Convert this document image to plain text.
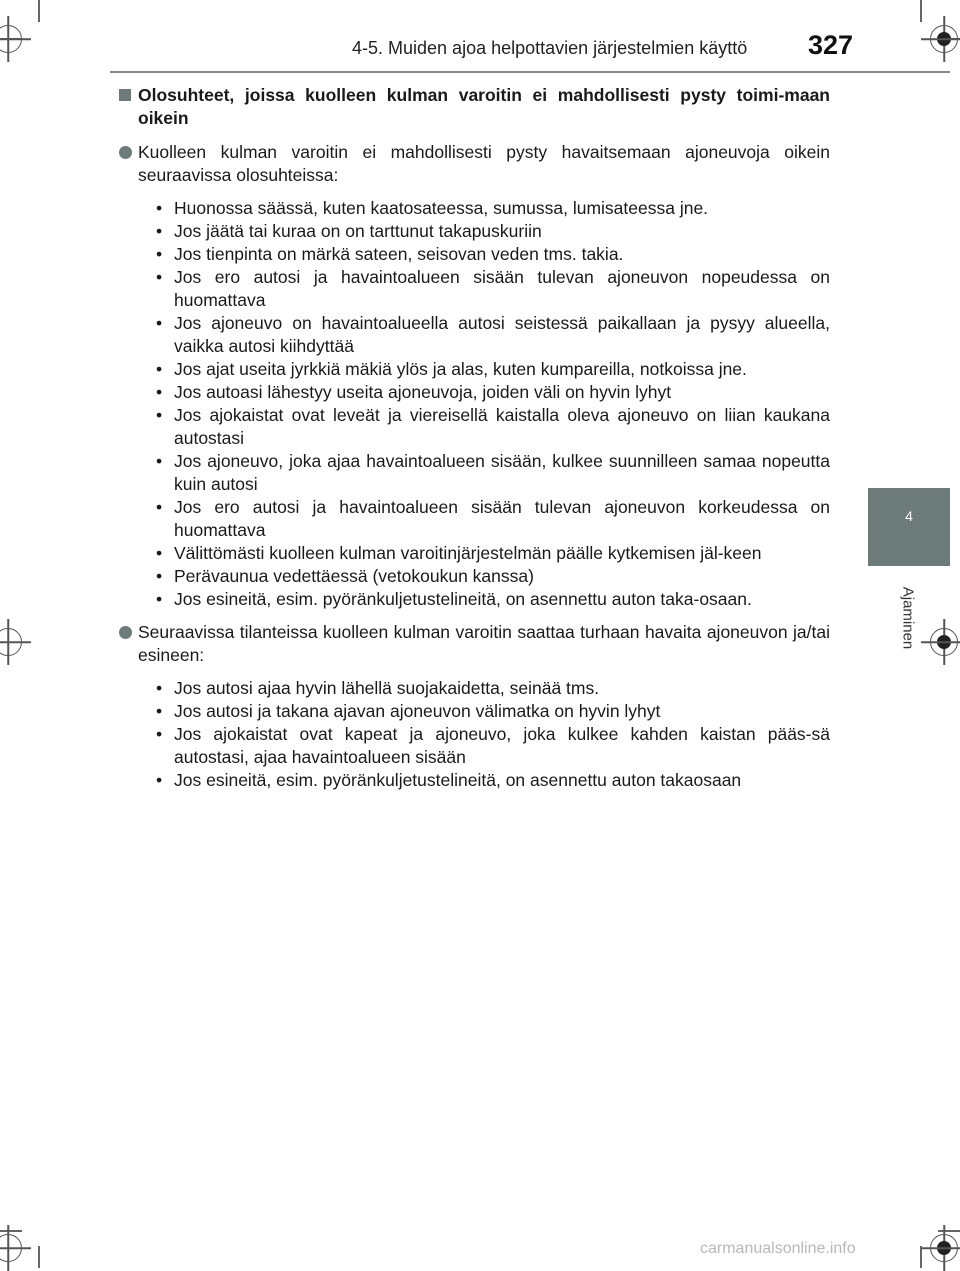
4-5. Muiden ajoa helpottavien järjestelmien käyttö 327
4
Ajaminen
Olosuhteet, joissa kuolleen kulman varoitin ei mahdollisesti pysty toimi-maan oikein
Kuolleen kulman varoitin ei mahdollisesti pysty havaitsemaan ajoneuvoja oikein seuraavissa olosuhteissa:
• Huonossa säässä, kuten kaatosateessa, sumussa, lumisateessa jne.
• Jos jäätä tai kuraa on on tarttunut takapuskuriin
• Jos tienpinta on märkä sateen, seisovan veden tms. takia.
• Jos ero autosi ja havaintoalueen sisään tulevan ajoneuvon nopeudessa on huomattava
• Jos ajoneuvo on havaintoalueella autosi seistessä paikallaan ja pysyy alueella, vaikka autosi kiihdyttää
• Jos ajat useita jyrkkiä mäkiä ylös ja alas, kuten kumpareilla, notkoissa jne.
• Jos autoasi lähestyy useita ajoneuvoja, joiden väli on hyvin lyhyt
• Jos ajokaistat ovat leveät ja viereisellä kaistalla oleva ajoneuvo on liian kaukana autostasi
• Jos ajoneuvo, joka ajaa havaintoalueen sisään, kulkee suunnilleen samaa nopeutta kuin autosi
• Jos ero autosi ja havaintoalueen sisään tulevan ajoneuvon korkeudessa on huomattava
• Välittömästi kuolleen kulman varoitinjärjestelmän päälle kytkemisen jäl-keen
• Perävaunua vedettäessä (vetokoukun kanssa)
• Jos esineitä, esim. pyöränkuljetustelineitä, on asennettu auton taka-osaan.
Seuraavissa tilanteissa kuolleen kulman varoitin saattaa turhaan havaita ajoneuvon ja/tai esineen:
• Jos autosi ajaa hyvin lähellä suojakaidetta, seinää tms.
• Jos autosi ja takana ajavan ajoneuvon välimatka on hyvin lyhyt
• Jos ajokaistat ovat kapeat ja ajoneuvo, joka kulkee kahden kaistan pääs-sä autostasi, ajaa havaintoalueen sisään
• Jos esineitä, esim. pyöränkuljetustelineitä, on asennettu auton takaosaan
carmanualsonline.info
